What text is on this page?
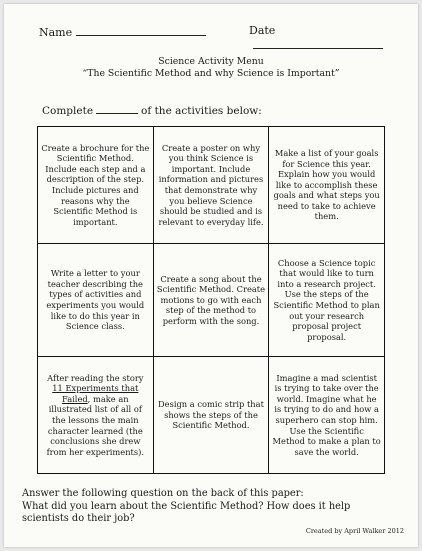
Name	Date
Science Activity Menu
“The Scientific Method and why Science is Important”
Complete	of the activities below:
Create a brochure for the Scientific Method. Include each step and a description of the step. Include pictures and reasons why the Scientific Method is important.	Create a poster on why you think Science is important. Include information and pictures that demonstrate why you believe Science should be studied and is relevant to everyday life.	Make a list of your goals for Science this year. Explain how you would like to accomplish these goals and what steps you need to take to achieve them.
Write a letter to your teacher describing the types of activities and experiments you would like to do this year in Science class.	Create a song about the Scientific Method. Create motions to go with each step of the method to perform with the song.	Choose a Science topic that would like to turn into a research project. Use the steps of the Scientific Method to plan out your research proposal project proposal.
After reading the story 11 Experiments that Failed, make an illustrated list of all of the lessons the main character learned (the conclusions she drew from her experiments).	Design a comic strip that shows the steps of the Scientific Method.	Imagine a mad scientist is trying to take over the world. Imagine what he is trying to do and how a superhero can stop him. Use the Scientific Method to make a plan to save the world.
Answer the following question on the back of this paper:
What did you learn about the Scientific Method? How does it help scientists do their job?
Created by April Walker 2012
